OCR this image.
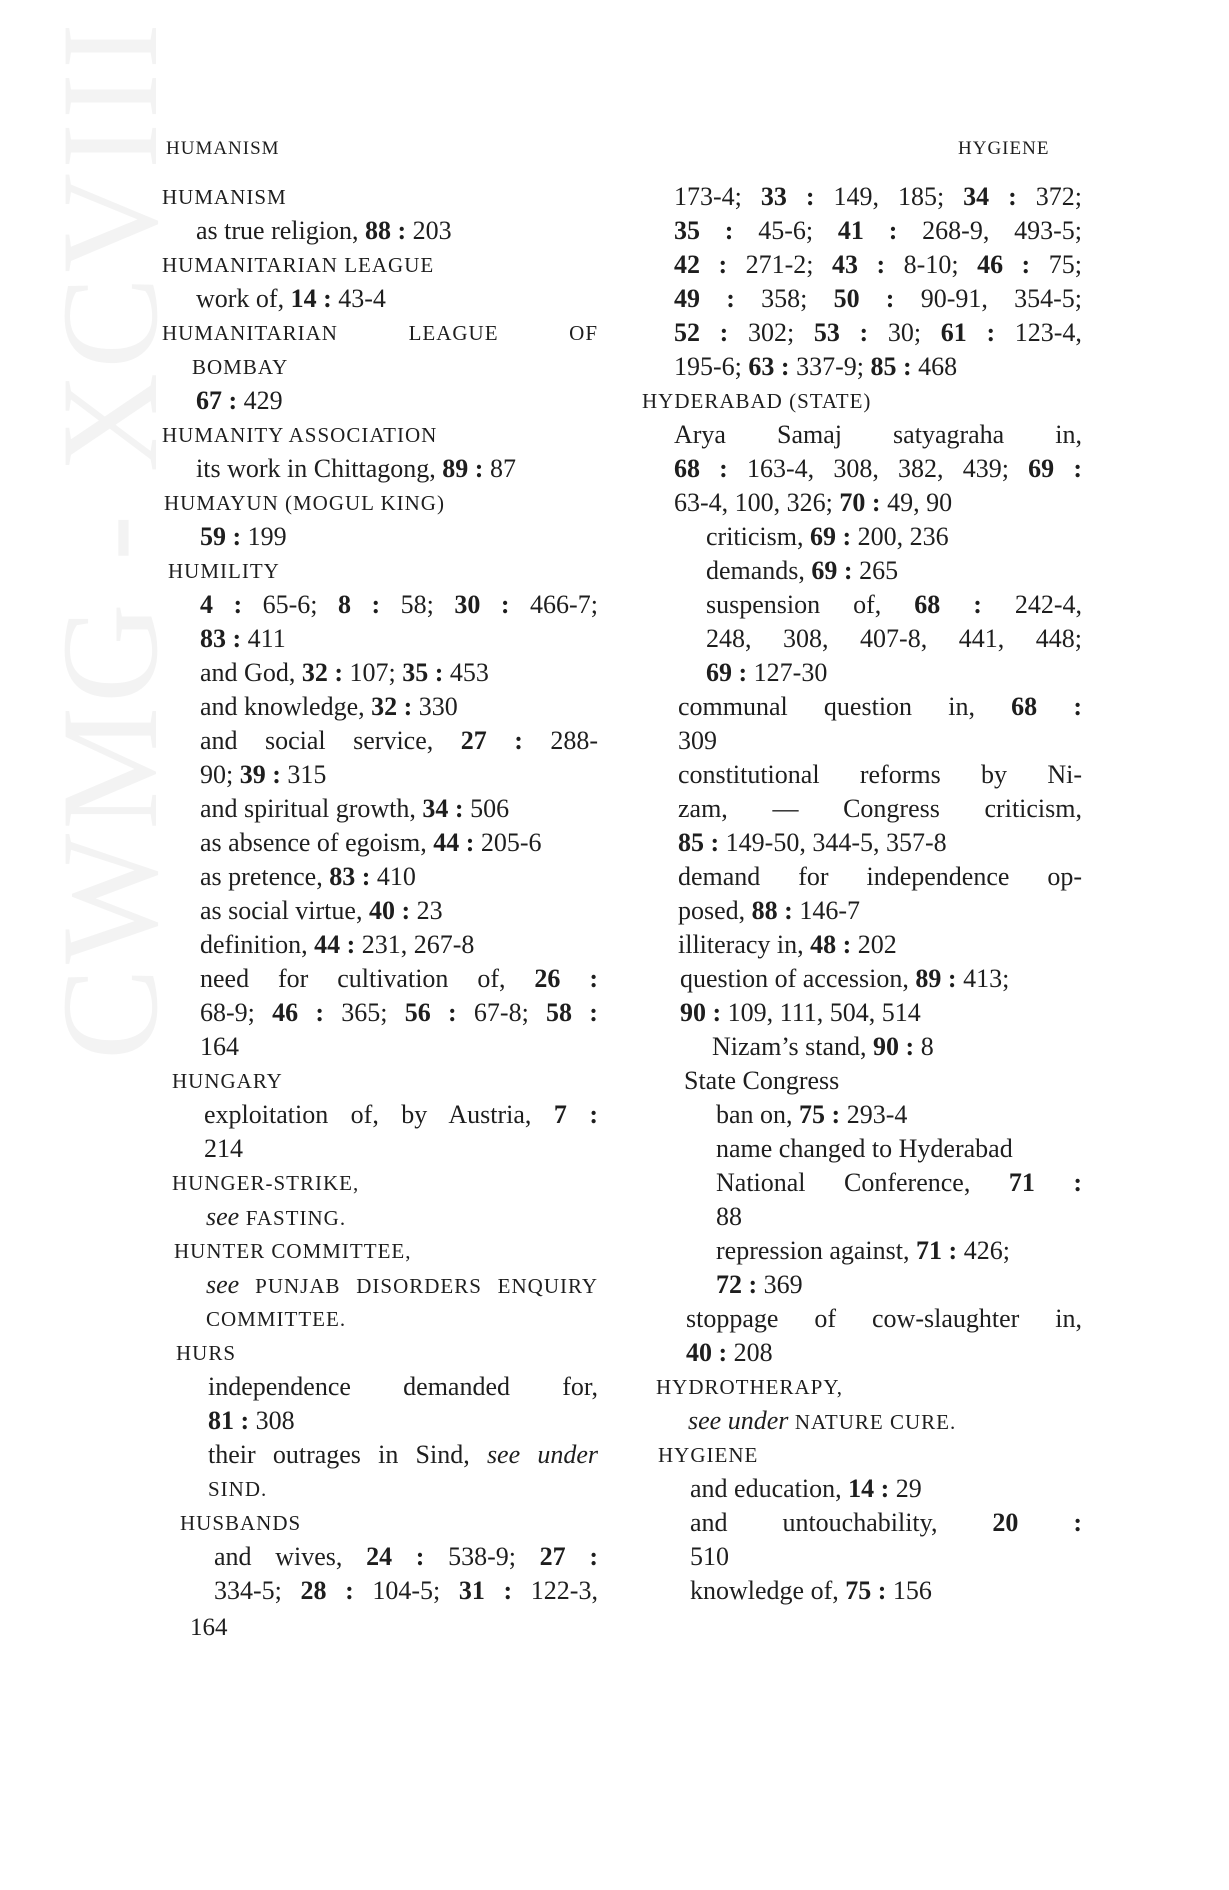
CWMG - XCVIII
HUMANISM	HYGIENE
HUMANISM
as true religion, 88 : 203
HUMANITARIAN LEAGUE
work of, 14 : 43-4
HUMANITARIAN LEAGUE OF
BOMBAY
67 : 429
HUMANITY ASSOCIATION
its work in Chittagong, 89 : 87
HUMAYUN (MOGUL KING)
59 : 199
HUMILITY
4 : 65-6; 8 : 58; 30 : 466-7;
83 : 411
and God, 32 : 107; 35 : 453
and knowledge, 32 : 330
and social service, 27 : 288-
90; 39 : 315
and spiritual growth, 34 : 506
as absence of egoism, 44 : 205-6
as pretence, 83 : 410
as social virtue, 40 : 23
definition, 44 : 231, 267-8
need for cultivation of, 26 :
68-9; 46 : 365; 56 : 67-8; 58 :
164
HUNGARY
exploitation of, by Austria, 7 :
214
HUNGER-STRIKE,
see FASTING.
HUNTER COMMITTEE,
see PUNJAB DISORDERS ENQUIRY
COMMITTEE.
HURS
independence demanded for,
81 : 308
their outrages in Sind, see under
SIND.
HUSBANDS
and wives, 24 : 538-9; 27 :
334-5; 28 : 104-5; 31 : 122-3,
173-4; 33 : 149, 185; 34 : 372;
35 : 45-6; 41 : 268-9, 493-5;
42 : 271-2; 43 : 8-10; 46 : 75;
49 : 358; 50 : 90-91, 354-5;
52 : 302; 53 : 30; 61 : 123-4,
195-6; 63 : 337-9; 85 : 468
HYDERABAD (STATE)
Arya Samaj satyagraha in,
68 : 163-4, 308, 382, 439; 69 :
63-4, 100, 326; 70 : 49, 90
criticism, 69 : 200, 236
demands, 69 : 265
suspension of, 68 : 242-4,
248, 308, 407-8, 441, 448;
69 : 127-30
communal question in, 68 :
309
constitutional reforms by Ni-
zam, — Congress criticism,
85 : 149-50, 344-5, 357-8
demand for independence op-
posed, 88 : 146-7
illiteracy in, 48 : 202
question of accession, 89 : 413;
90 : 109, 111, 504, 514
Nizam’s stand, 90 : 8
State Congress
ban on, 75 : 293-4
name changed to Hyderabad
National Conference, 71 :
88
repression against, 71 : 426;
72 : 369
stoppage of cow-slaughter in,
40 : 208
HYDROTHERAPY,
see under NATURE CURE.
HYGIENE
and education, 14 : 29
and untouchability, 20 :
510
knowledge of, 75 : 156
164
